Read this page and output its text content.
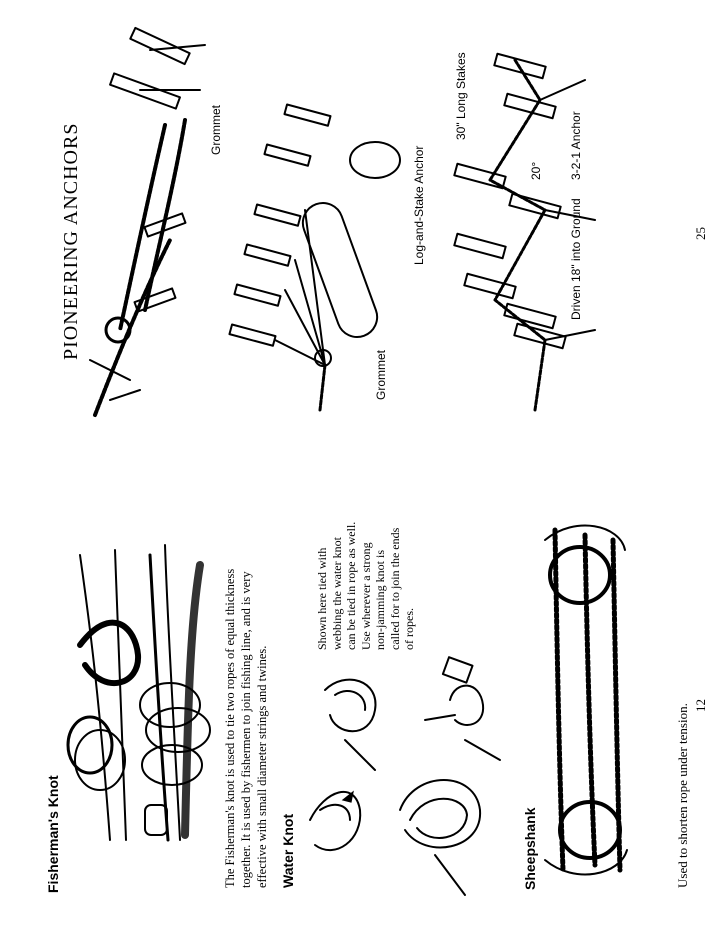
Fisherman's Knot	The Fisherman's knot is used to tie two ropes of equal thickness together. It is used by fishermen to join fishing line, and is very effective with small diameter strings and twines. Water Knot
Shown here tied with webbing the water knot can be tied in rope as well. Use wherever a strong non-jamming knot is called for to join the ends of ropes.
Sheepshank	Used to shorten rope under tension. 12
PIONEERING ANCHORS	25
Grommet
Grommet
Log-and-Stake Anchor
30" Long Stakes
20° 3-2-1 Anchor
Driven 18" into Ground
